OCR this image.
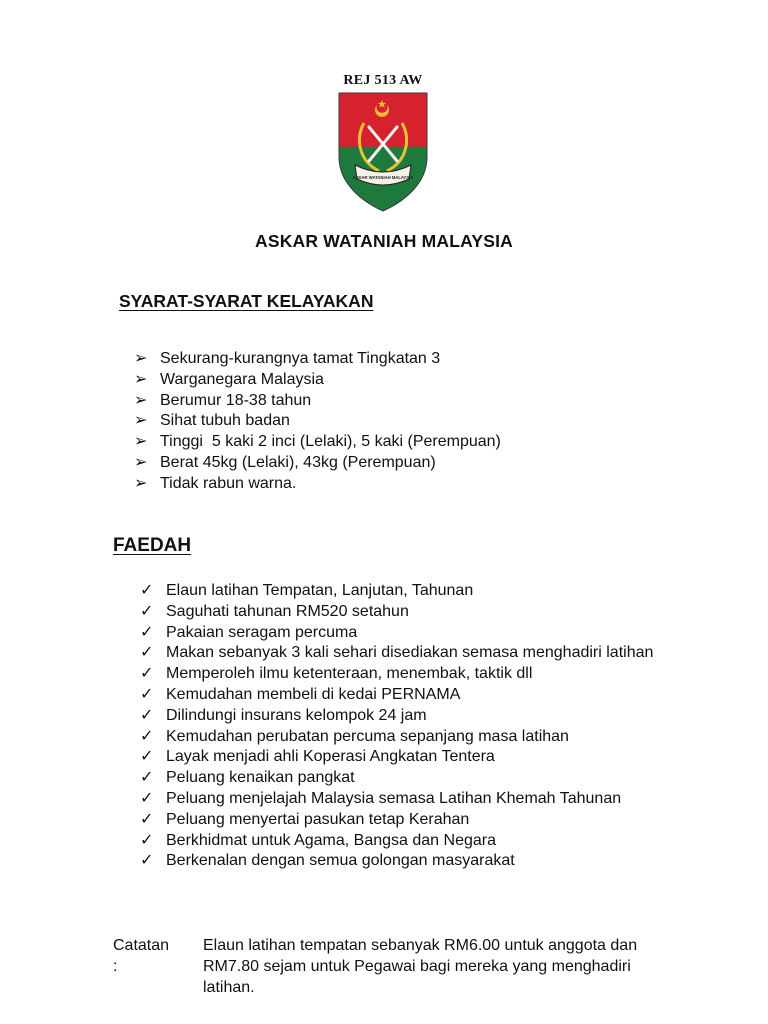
REJ 513 AW
ASKAR WATANIAH MALAYSIA
ASKAR WATANIAH MALAYSIA
SYARAT-SYARAT KELAYAKAN
➢ Sekurang-kurangnya tamat Tingkatan 3
➢ Warganegara Malaysia
➢ Berumur 18-38 tahun
➢ Sihat tubuh badan
➢ Tinggi  5 kaki 2 inci (Lelaki), 5 kaki (Perempuan)
➢ Berat 45kg (Lelaki), 43kg (Perempuan)
➢ Tidak rabun warna.
FAEDAH
✓ Elaun latihan Tempatan, Lanjutan, Tahunan
✓ Saguhati tahunan RM520 setahun
✓ Pakaian seragam percuma
✓ Makan sebanyak 3 kali sehari disediakan semasa menghadiri latihan
✓ Memperoleh ilmu ketenteraan, menembak, taktik dll
✓ Kemudahan membeli di kedai PERNAMA
✓ Dilindungi insurans kelompok 24 jam
✓ Kemudahan perubatan percuma sepanjang masa latihan
✓ Layak menjadi ahli Koperasi Angkatan Tentera
✓ Peluang kenaikan pangkat
✓ Peluang menjelajah Malaysia semasa Latihan Khemah Tahunan
✓ Peluang menyertai pasukan tetap Kerahan
✓ Berkhidmat untuk Agama, Bangsa dan Negara
✓ Berkenalan dengan semua golongan masyarakat
Catatan :
Elaun latihan tempatan sebanyak RM6.00 untuk anggota dan RM7.80 sejam untuk Pegawai bagi mereka yang menghadiri latihan.
